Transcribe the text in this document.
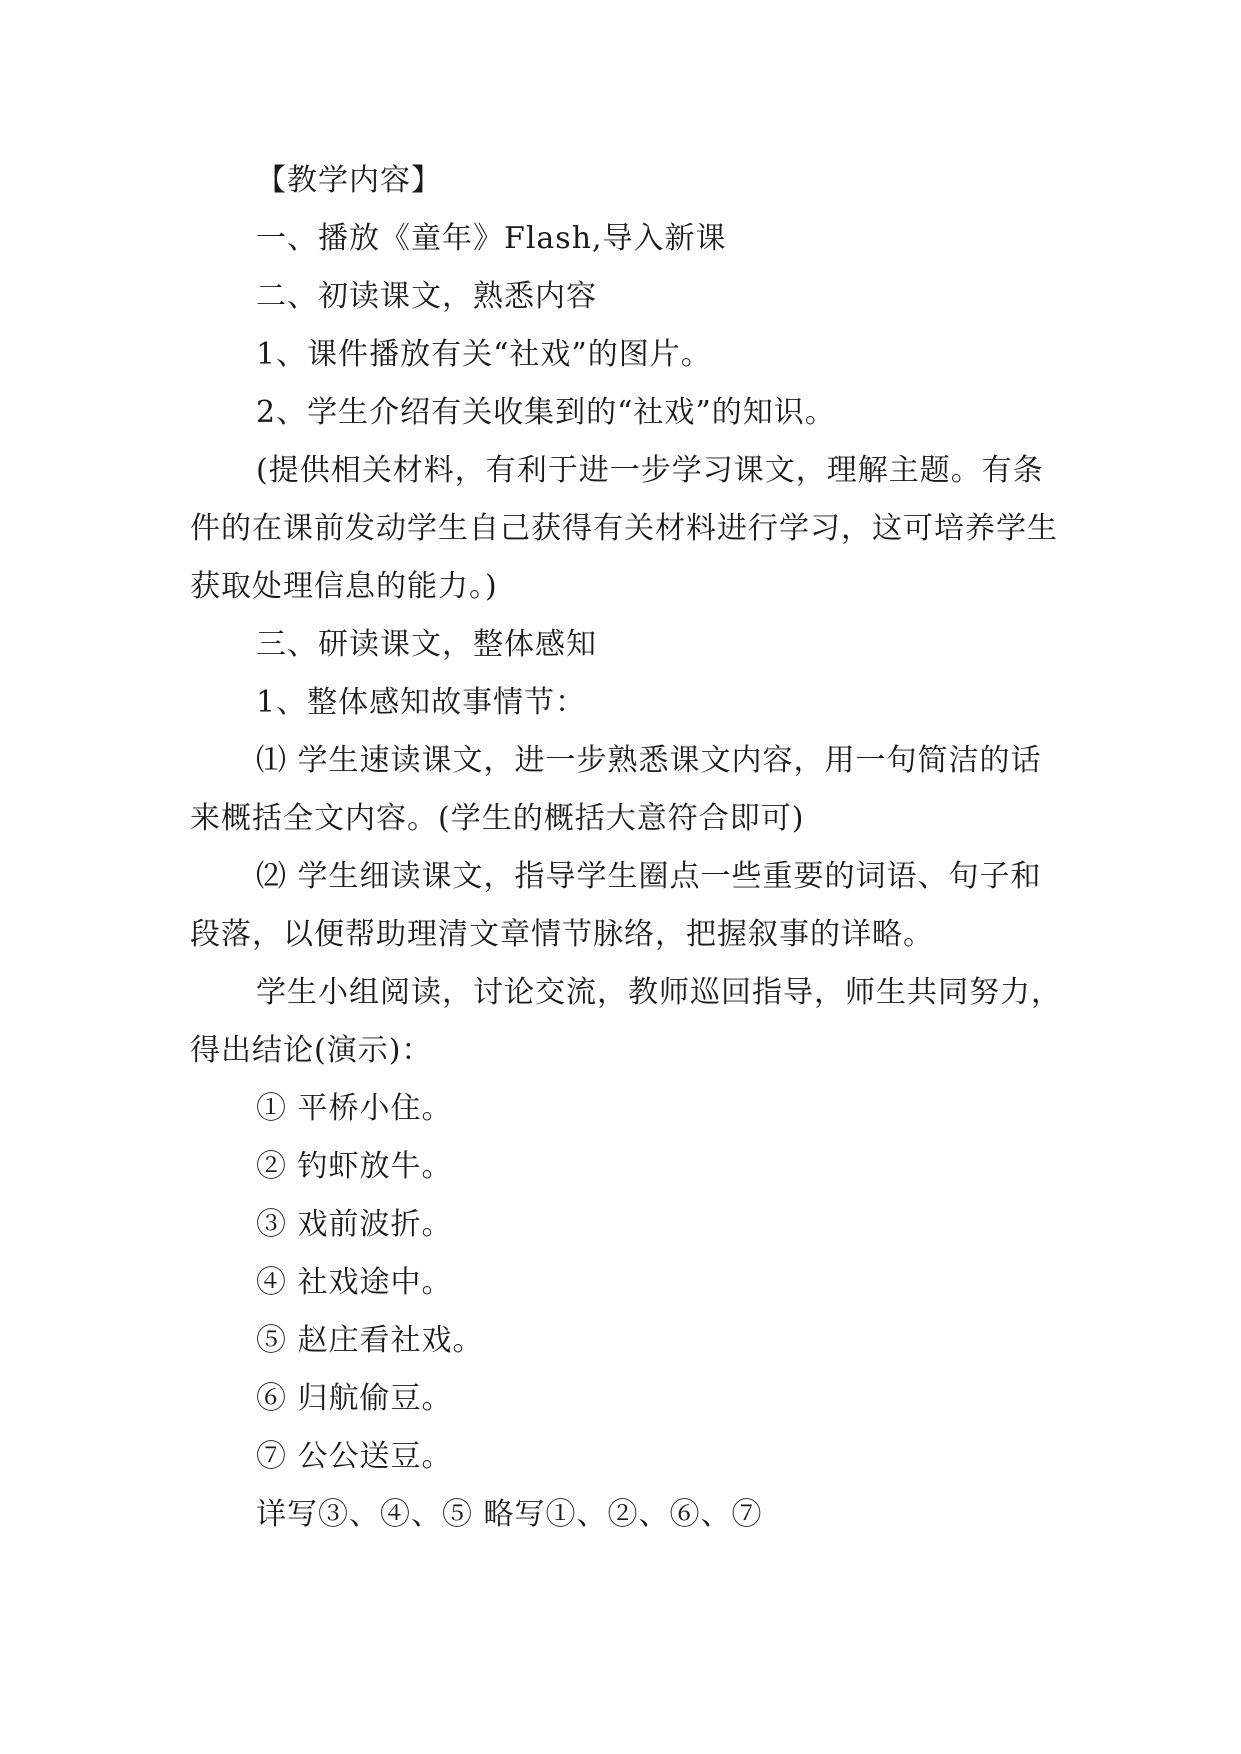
【教学内容】

一、播放《童年》Flash,导入新课

二、初读课文，熟悉内容

1、课件播放有关“社戏”的图片。

2、学生介绍有关收集到的“社戏”的知识。

(提供相关材料，有利于进一步学习课文，理解主题。有条件的在课前发动学生自己获得有关材料进行学习，这可培养学生获取处理信息的能力。)

三、研读课文，整体感知

1、整体感知故事情节：

⑴ 学生速读课文，进一步熟悉课文内容，用一句简洁的话来概括全文内容。(学生的概括大意符合即可)

⑵ 学生细读课文，指导学生圈点一些重要的词语、句子和段落，以便帮助理清文章情节脉络，把握叙事的详略。

学生小组阅读，讨论交流，教师巡回指导，师生共同努力，得出结论(演示)：

① 平桥小住。

② 钓虾放牛。

③ 戏前波折。

④ 社戏途中。

⑤ 赵庄看社戏。

⑥ 归航偷豆。

⑦ 公公送豆。

详写③、④、⑤ 略写①、②、⑥、⑦
